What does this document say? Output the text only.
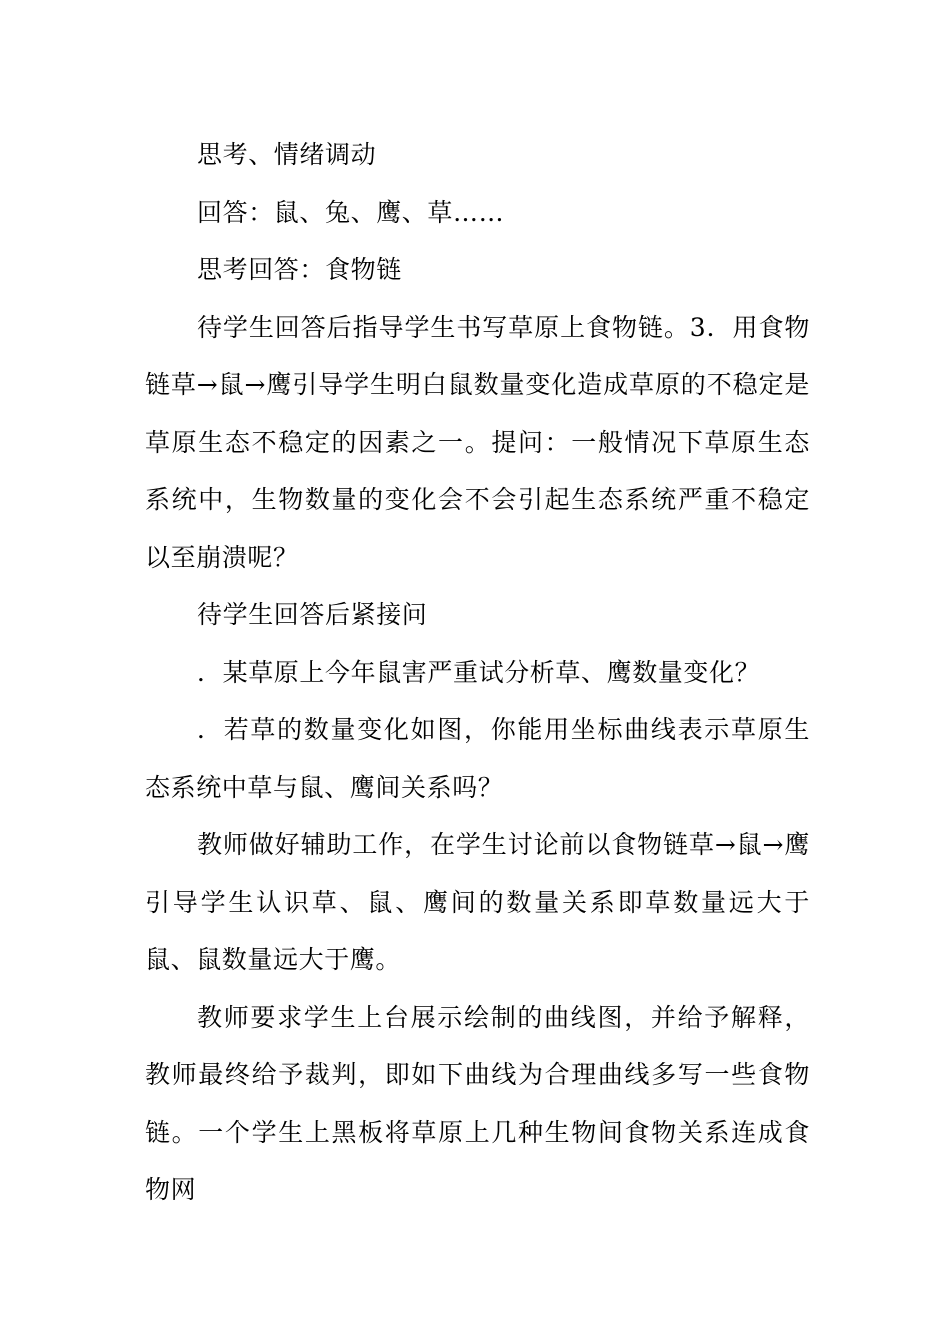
思考、情绪调动

回答：鼠、兔、鹰、草……

思考回答：食物链

待学生回答后指导学生书写草原上食物链。3．用食物链草→鼠→鹰引导学生明白鼠数量变化造成草原的不稳定是草原生态不稳定的因素之一。提问：一般情况下草原生态系统中，生物数量的变化会不会引起生态系统严重不稳定以至崩溃呢？

待学生回答后紧接问

．某草原上今年鼠害严重试分析草、鹰数量变化？

．若草的数量变化如图，你能用坐标曲线表示草原生态系统中草与鼠、鹰间关系吗？

教师做好辅助工作，在学生讨论前以食物链草→鼠→鹰引导学生认识草、鼠、鹰间的数量关系即草数量远大于鼠、鼠数量远大于鹰。

教师要求学生上台展示绘制的曲线图，并给予解释，教师最终给予裁判，即如下曲线为合理曲线多写一些食物链。一个学生上黑板将草原上几种生物间食物关系连成食物网
